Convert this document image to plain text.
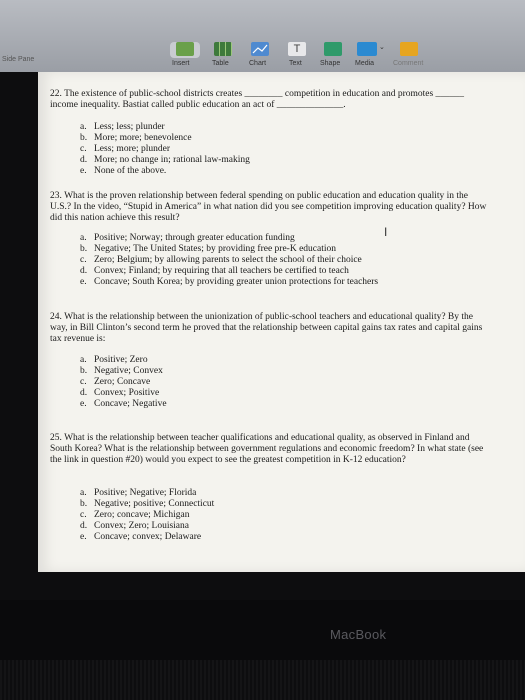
Side Pane
Insert	Table	Chart
T
Text	Shape
⌄
Media	Comment

22. The existence of public-school districts creates ________ competition in education and promotes ______ income inequality. Bastiat called public education an act of ______________.

a. Less; less; plunder
b. More; more; benevolence
c. Less; more; plunder
d. More; no change in; rational law-making
e. None of the above.

23. What is the proven relationship between federal spending on public education and education quality in the U.S.? In the video, “Stupid in America” in what nation did you see competition improving education quality? How did this nation achieve this result?

a. Positive; Norway; through greater education funding
b. Negative; The United States; by providing free pre-K education
c. Zero; Belgium; by allowing parents to select the school of their choice
d. Convex; Finland; by requiring that all teachers be certified to teach
e. Concave; South Korea; by providing greater union protections for teachers
I

24. What is the relationship between the unionization of public-school teachers and educational quality? By the way, in Bill Clinton’s second term he proved that the relationship between capital gains tax rates and capital gains tax revenue is:

a. Positive; Zero
b. Negative; Convex
c. Zero; Concave
d. Convex; Positive
e. Concave; Negative

25. What is the relationship between teacher qualifications and educational quality, as observed in Finland and South Korea? What is the relationship between government regulations and economic freedom? In what state (see the link in question #20) would you expect to see the greatest competition in K-12 education?

a. Positive; Negative; Florida
b. Negative; positive; Connecticut
c. Zero; concave; Michigan
d. Convex; Zero; Louisiana
e. Concave; convex; Delaware
MacBook
